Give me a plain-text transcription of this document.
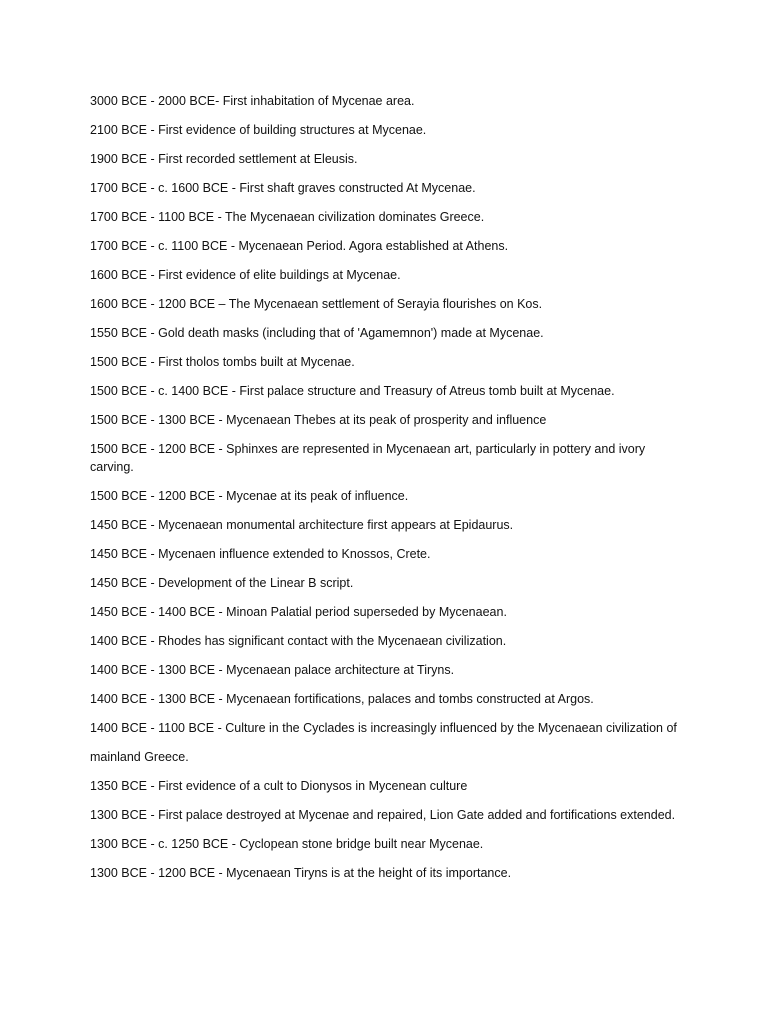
3000 BCE - 2000 BCE- First inhabitation of Mycenae area.

2100 BCE - First evidence of building structures at Mycenae.

1900 BCE - First recorded settlement at Eleusis.

1700 BCE - c. 1600 BCE - First shaft graves constructed At Mycenae.

1700 BCE - 1100 BCE - The Mycenaean civilization dominates Greece.

1700 BCE - c. 1100 BCE - Mycenaean Period. Agora established at Athens.

1600 BCE - First evidence of elite buildings at Mycenae.

1600 BCE - 1200 BCE – The Mycenaean settlement of Serayia flourishes on Kos.

1550 BCE - Gold death masks (including that of 'Agamemnon') made at Mycenae.

1500 BCE - First tholos tombs built at Mycenae.

1500 BCE - c. 1400 BCE - First palace structure and Treasury of Atreus tomb built at Mycenae.

1500 BCE - 1300 BCE - Mycenaean Thebes at its peak of prosperity and influence

1500 BCE - 1200 BCE - Sphinxes are represented in Mycenaean art, particularly in pottery and ivory carving.

1500 BCE - 1200 BCE - Mycenae at its peak of influence.

1450 BCE - Mycenaean monumental architecture first appears at Epidaurus.

1450 BCE - Mycenaen influence extended to Knossos, Crete.

1450 BCE - Development of the Linear B script.

1450 BCE - 1400 BCE - Minoan Palatial period superseded by Mycenaean.

1400 BCE - Rhodes has significant contact with the Mycenaean civilization.

1400 BCE - 1300 BCE - Mycenaean palace architecture at Tiryns.

1400 BCE - 1300 BCE - Mycenaean fortifications, palaces and tombs constructed at Argos.

1400 BCE - 1100 BCE - Culture in the Cyclades is increasingly influenced by the Mycenaean civilization of

mainland Greece.

1350 BCE - First evidence of a cult to Dionysos in Mycenean culture

1300 BCE - First palace destroyed at Mycenae and repaired, Lion Gate added and fortifications extended.

1300 BCE - c. 1250 BCE - Cyclopean stone bridge built near Mycenae.

1300 BCE - 1200 BCE - Mycenaean Tiryns is at the height of its importance.
